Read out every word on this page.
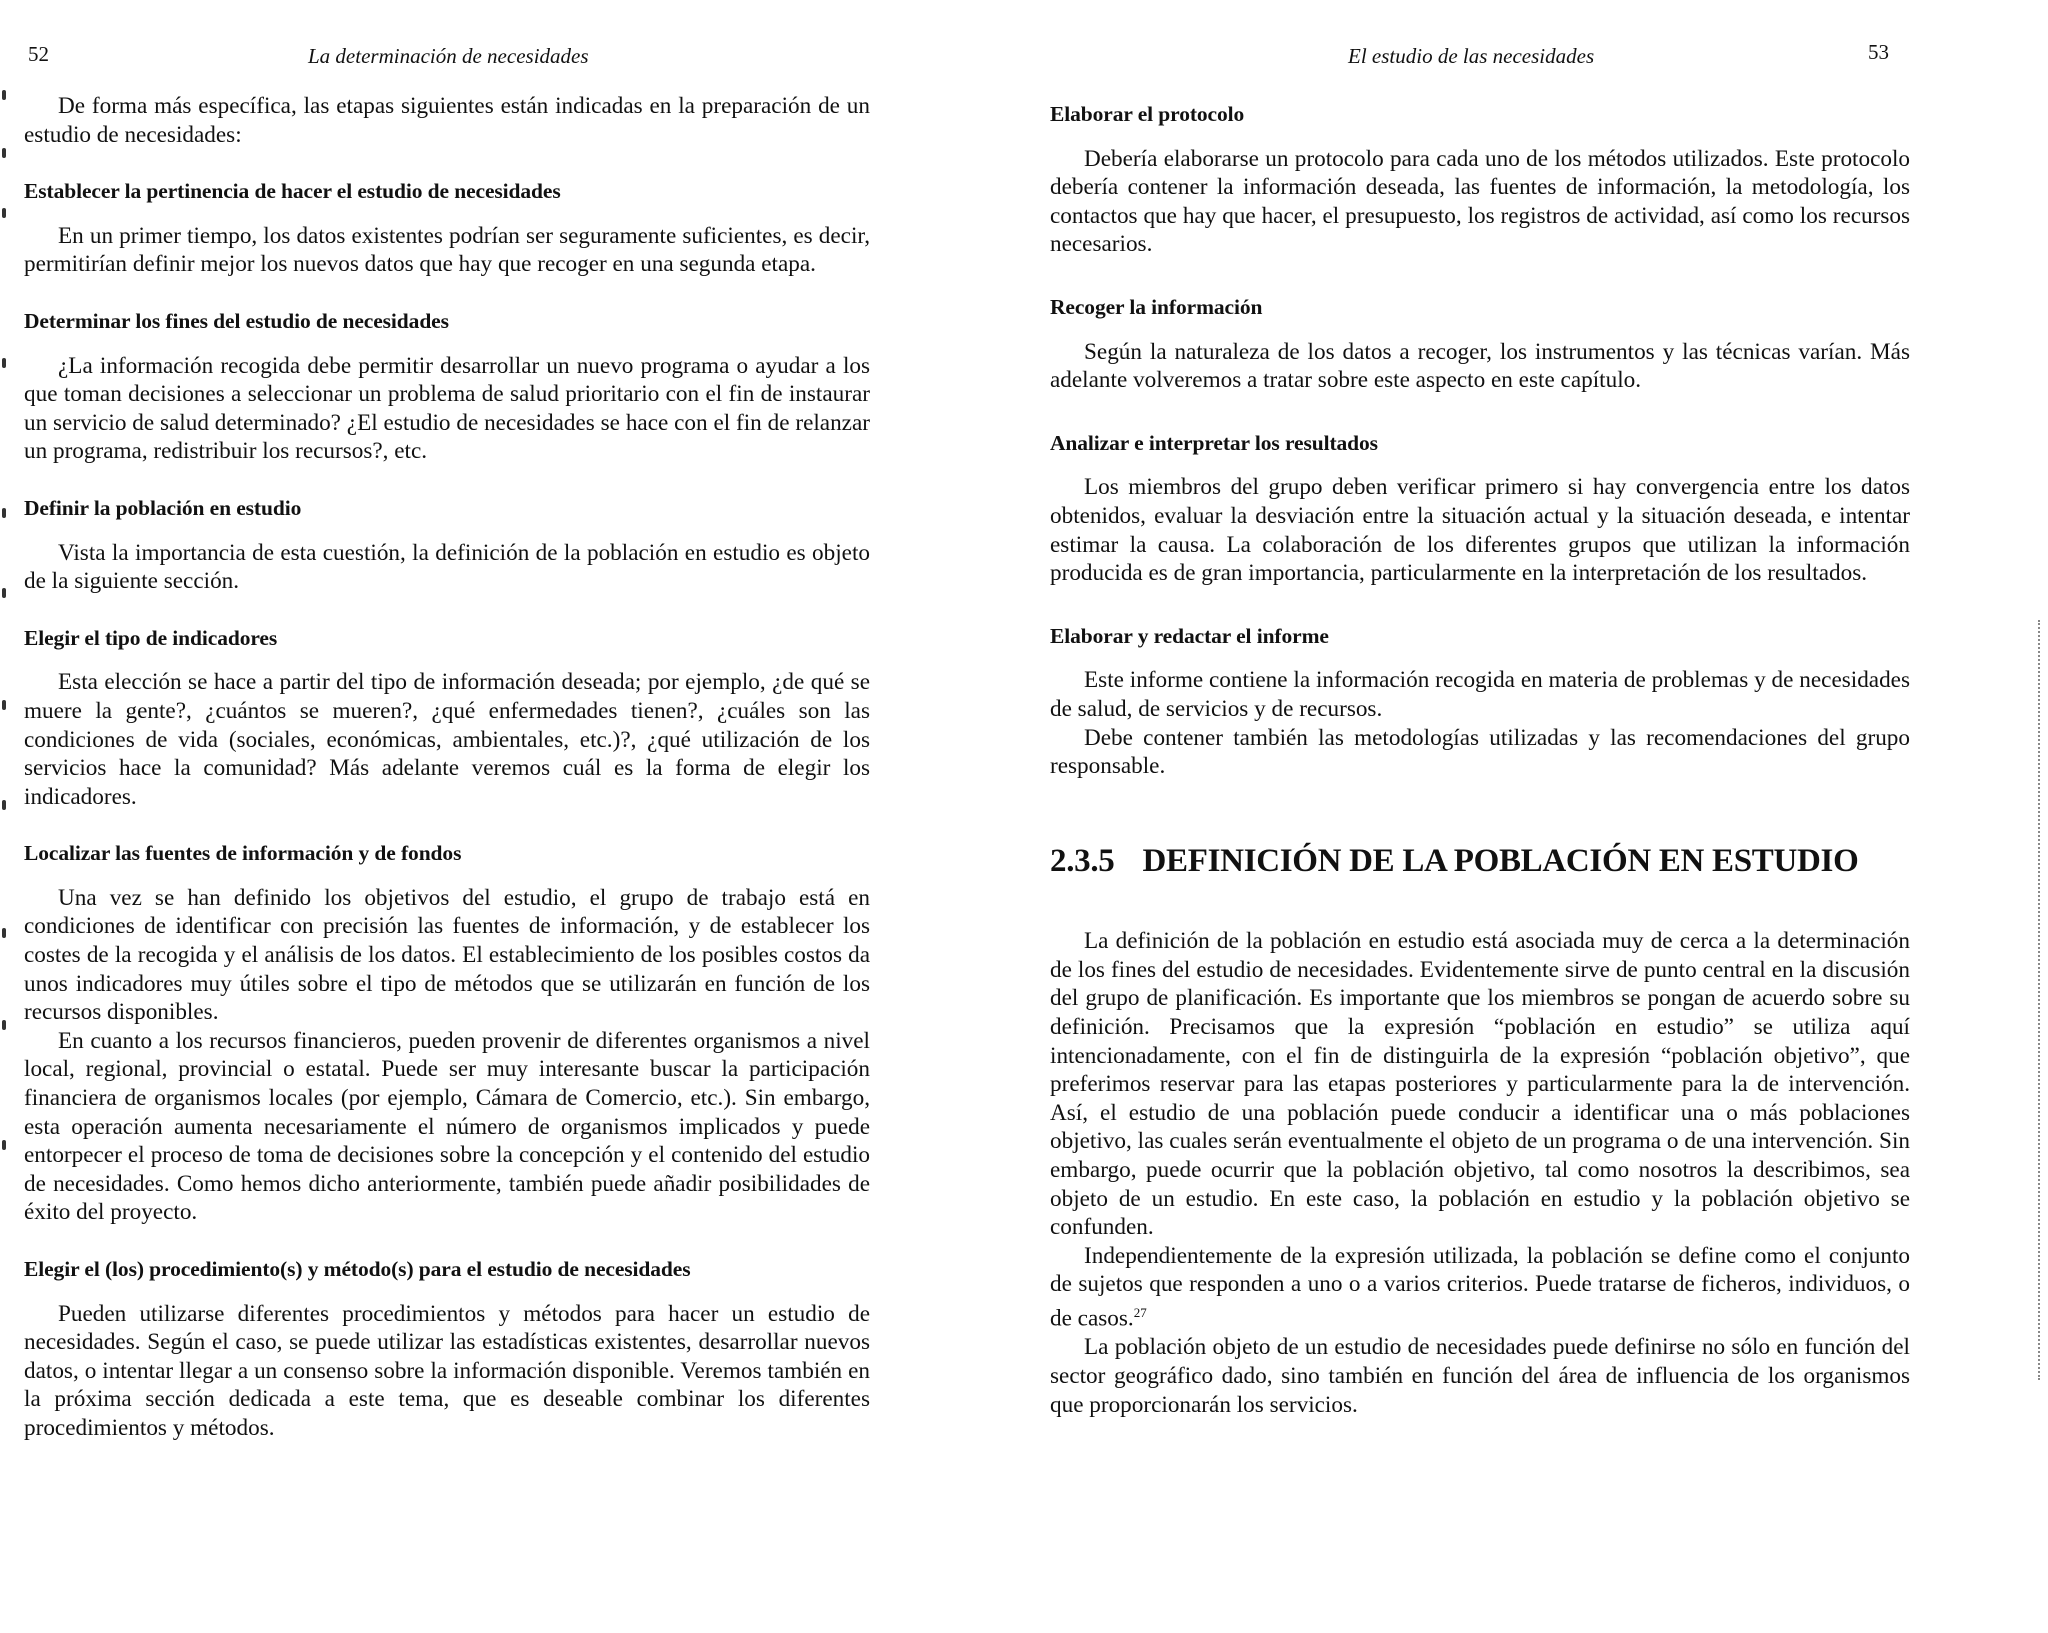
52	La determinación de necesidades

De forma más específica, las etapas siguientes están indicadas en la preparación de un estudio de necesidades:

Establecer la pertinencia de hacer el estudio de necesidades

En un primer tiempo, los datos existentes podrían ser seguramente suficientes, es decir, permitirían definir mejor los nuevos datos que hay que recoger en una segunda etapa.

Determinar los fines del estudio de necesidades

¿La información recogida debe permitir desarrollar un nuevo programa o ayudar a los que toman decisiones a seleccionar un problema de salud prioritario con el fin de instaurar un servicio de salud determinado? ¿El estudio de necesidades se hace con el fin de relanzar un programa, redistribuir los recursos?, etc.

Definir la población en estudio

Vista la importancia de esta cuestión, la definición de la población en estudio es objeto de la siguiente sección.

Elegir el tipo de indicadores

Esta elección se hace a partir del tipo de información deseada; por ejemplo, ¿de qué se muere la gente?, ¿cuántos se mueren?, ¿qué enfermedades tienen?, ¿cuáles son las condiciones de vida (sociales, económicas, ambientales, etc.)?, ¿qué utilización de los servicios hace la comunidad? Más adelante veremos cuál es la forma de elegir los indicadores.

Localizar las fuentes de información y de fondos

Una vez se han definido los objetivos del estudio, el grupo de trabajo está en condiciones de identificar con precisión las fuentes de información, y de establecer los costes de la recogida y el análisis de los datos. El establecimiento de los posibles costos da unos indicadores muy útiles sobre el tipo de métodos que se utilizarán en función de los recursos disponibles.

En cuanto a los recursos financieros, pueden provenir de diferentes organismos a nivel local, regional, provincial o estatal. Puede ser muy interesante buscar la participación financiera de organismos locales (por ejemplo, Cámara de Comercio, etc.). Sin embargo, esta operación aumenta necesariamente el número de organismos implicados y puede entorpecer el proceso de toma de decisiones sobre la concepción y el contenido del estudio de necesidades. Como hemos dicho anteriormente, también puede añadir posibilidades de éxito del proyecto.

Elegir el (los) procedimiento(s) y método(s) para el estudio de necesidades

Pueden utilizarse diferentes procedimientos y métodos para hacer un estudio de necesidades. Según el caso, se puede utilizar las estadísticas existentes, desarrollar nuevos datos, o intentar llegar a un consenso sobre la información disponible. Veremos también en la próxima sección dedicada a este tema, que es deseable combinar los diferentes procedimientos y métodos.

El estudio de las necesidades	53
Elaborar el protocolo

Debería elaborarse un protocolo para cada uno de los métodos utilizados. Este protocolo debería contener la información deseada, las fuentes de información, la metodología, los contactos que hay que hacer, el presupuesto, los registros de actividad, así como los recursos necesarios.

Recoger la información

Según la naturaleza de los datos a recoger, los instrumentos y las técnicas varían. Más adelante volveremos a tratar sobre este aspecto en este capítulo.

Analizar e interpretar los resultados

Los miembros del grupo deben verificar primero si hay convergencia entre los datos obtenidos, evaluar la desviación entre la situación actual y la situación deseada, e intentar estimar la causa. La colaboración de los diferentes grupos que utilizan la información producida es de gran importancia, particularmente en la interpretación de los resultados.

Elaborar y redactar el informe

Este informe contiene la información recogida en materia de problemas y de necesidades de salud, de servicios y de recursos.

Debe contener también las metodologías utilizadas y las recomendaciones del grupo responsable.

2.3.5 DEFINICIÓN DE LA POBLACIÓN EN ESTUDIO

La definición de la población en estudio está asociada muy de cerca a la determinación de los fines del estudio de necesidades. Evidentemente sirve de punto central en la discusión del grupo de planificación. Es importante que los miembros se pongan de acuerdo sobre su definición. Precisamos que la expresión “población en estudio” se utiliza aquí intencionadamente, con el fin de distinguirla de la expresión “población objetivo”, que preferimos reservar para las etapas posteriores y particularmente para la de intervención. Así, el estudio de una población puede conducir a identificar una o más poblaciones objetivo, las cuales serán eventualmente el objeto de un programa o de una intervención. Sin embargo, puede ocurrir que la población objetivo, tal como nosotros la describimos, sea objeto de un estudio. En este caso, la población en estudio y la población objetivo se confunden.

Independientemente de la expresión utilizada, la población se define como el conjunto de sujetos que responden a uno o a varios criterios. Puede tratarse de ficheros, individuos, o de casos.$^{27}$

La población objeto de un estudio de necesidades puede definirse no sólo en función del sector geográfico dado, sino también en función del área de influencia de los organismos que proporcionarán los servicios.
